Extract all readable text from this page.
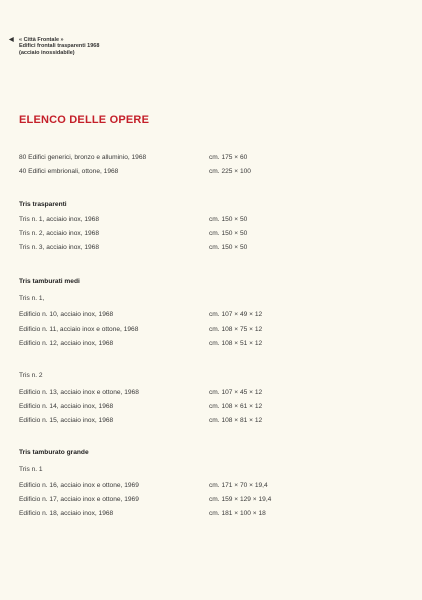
◀ « Città Frontale »
Edifici frontali trasparenti 1968
(acciaio inossidabile)
ELENCO DELLE OPERE
80 Edifici generici, bronzo e alluminio, 1968	cm. 175 × 60
40 Edifici embrionali, ottone, 1968	cm. 225 × 100
Tris trasparenti
Tris n. 1, acciaio inox, 1968	cm. 150 × 50
Tris n. 2, acciaio inox, 1968	cm. 150 × 50
Tris n. 3, acciaio inox, 1968	cm. 150 × 50
Tris tamburati medi
Tris n. 1,
Edificio n. 10, acciaio inox, 1968	cm. 107 × 49 × 12
Edificio n. 11, acciaio inox e ottone, 1968	cm. 108 × 75 × 12
Edificio n. 12, acciaio inox, 1968	cm. 108 × 51 × 12
Tris n. 2
Edificio n. 13, acciaio inox e ottone, 1968	cm. 107 × 45 × 12
Edificio n. 14, acciaio inox, 1968	cm. 108 × 61 × 12
Edificio n. 15, acciaio inox, 1968	cm. 108 × 81 × 12
Tris tamburato grande
Tris n. 1
Edificio n. 16, acciaio inox e ottone, 1969	cm. 171 × 70 × 19,4
Edificio n. 17, acciaio inox e ottone, 1969	cm. 159 × 129 × 19,4
Edificio n. 18, acciaio inox, 1968	cm. 181 × 100 × 18
